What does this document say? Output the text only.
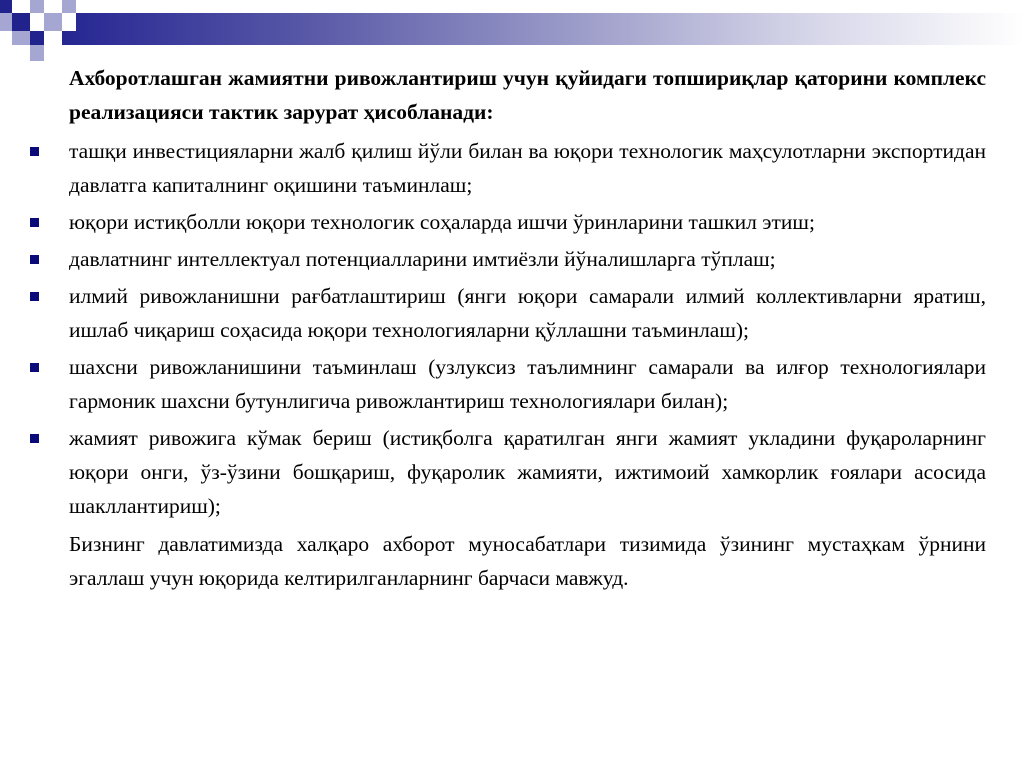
Ахборотлашган жамиятни ривожлантириш учун қуйидаги топшириқлар қаторини комплекс реализацияси тактик зарурат ҳисобланади:

ташқи инвестицияларни жалб қилиш йўли билан ва юқори технологик маҳсулотларни экспортидан давлатга капиталнинг оқишини таъминлаш;
юқори истиқболли юқори технологик соҳаларда ишчи ўринларини ташкил этиш;
давлатнинг интеллектуал потенциалларини имтиёзли йўналишларга тўплаш;
илмий ривожланишни рағбатлаштириш (янги юқори самарали илмий коллективларни яратиш, ишлаб чиқариш соҳасида юқори технологияларни қўллашни таъминлаш);
шахсни ривожланишини таъминлаш (узлуксиз таълимнинг самарали ва илғор технологиялари гармоник шахсни бутунлигича ривожлантириш технологиялари билан);
жамият ривожига кўмак бериш (истиқболга қаратилган янги жамият укладини фуқароларнинг юқори онги, ўз-ўзини бошқариш, фуқаролик жамияти, ижтимоий хамкорлик ғоялари асосида шакллантириш);

Бизнинг давлатимизда халқаро ахборот муносабатлари тизимида ўзининг мустаҳкам ўрнини эгаллаш учун юқорида келтирилганларнинг барчаси мавжуд.
